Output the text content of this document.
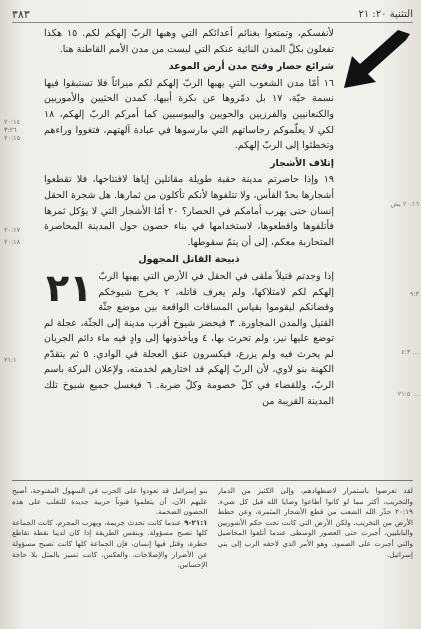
التثنية ٢٠: ٢١
٣٨٣
٢٠:١٤
٣:٢٦
٢٠:١٥
٢٠:١٧
٢٠:١٨
٢١:١
٢٠:١٦ يش
٩:٣
٤:٣ …
٢١:٥ …

لأنفسكم، وتمتعوا بغنائم أعدائكم التي وهبها الربّ إلهكم لكم. ١٥ هكذا تفعلون بكلّ المدن النائية عنكم التي ليست من مدن الأمم القاطنة هنا.

شرائع حصار وفتح مدن أرض الموعد

١٦ أمّا مدن الشعوب التي يهبها الربّ إلهكم لكم ميراثاً فلا تستبقوا فيها نسمة حيّة، ١٧ بل دمّروها عن بكرة أبيها، كمدن الحثيين والأموريين والكنعانيين والفرزيين والحويين واليبوسيين كما أمركم الربّ إلهكم، ١٨ لكي لا يعلّموكم رجاساتهم التي مارسوها في عبادة آلهتهم، فتغووا وراءهم وتخطئوا إلى الربّ إلهكم.

إتلاف الأشجار

١٩ وإذا حاصرتم مدينة حقبة طويلة مقاتلين إياها لافتتاحها، فلا تقطعوا أشجارها بحدّ الفأس، ولا تتلفوها لأنكم تأكلون من ثمارها. هل شجرة الحقل إنسان حتى يهرب أمامكم في الحصار؟ ٢٠ أمّا الأشجار التي لا يؤكل ثمرها فأتلفوها واقطعوها، لاستخدامها في بناء حصون حول المدينة المحاصرة المتحاربة معكم، إلى أن يتمّ سقوطها.

ذبيحة القاتل المجهول
٢١ إذا وجدتم قتيلاً ملقى في الحقل في الأرض التي يهبها الربّ إلهكم لكم لامتلاكها، ولم يعرف قاتله، ٢ يخرج شيوخكم وقضاتكم ليقوموا بقياس المسافات الواقعة بين موضع جثّة القتيل والمدن المجاورة. ٣ فيحضر شيوخ أقرب مدينة إلى الجثّة، عجلة لم توضع عليها نير، ولم تحرث بها، ٤ ويأخذونها إلى وادٍ فيه ماء دائم الجريان لم يحرث فيه ولم يزرع، فيكسرون عنق العجلة في الوادي. ٥ ثم يتقدّم الكهنة بنو لاوي، لأن الربّ إلهكم قد اختارهم لخدمته، ولإعلان البركة باسم الربّ، وللقضاء في كلّ خصومة وكلّ ضربة. ٦ فيغسل جميع شيوخ تلك المدينة القريبة من

لقد تعرضوا باستمرار لاضطهادهم، وإلى الكثير من الدمار والتخريب، أكثر مما لو كانوا أطاعوا وصايا الله قبل كل شيء. ٢٠:١٩ حذّر الله الشعب من قطع الأشجار المثمرة، وعن خطط الأرض من التخريب. ولكن الأرض التي كانت تحت حكم الأشوريين والبابليين، اُجبرت حتى العصور الوسطى عندما أتلفوا المحاصيل والتي أجبرت على الصمود. وهو الأمر الذي لاحقه الرب إلى بني إسرائيل.

بنو إسرائيل قد تعودوا على الحرب في السهول المفتوحة، أصبح عليهم الآن، أن يتعلموا فنوناً حربية جديدة للتغلب على هذه الحصون الضخمة.

٢١:١-٩ عندما كانت تحدث جريمة، ويهرب المجرم، كانت الجماعة كلها تصبح مسؤولة. وبنفس الطريقة إذا كان لدينا نقطة تقاطع خطرة، وقتل فيها إنسان، فإن الجماعة كلها كانت تصبح مسؤولة عن الأضرار والإصلاحات. والعكس، كانت تسير بالمثل بلا حاجة الإحساس.
